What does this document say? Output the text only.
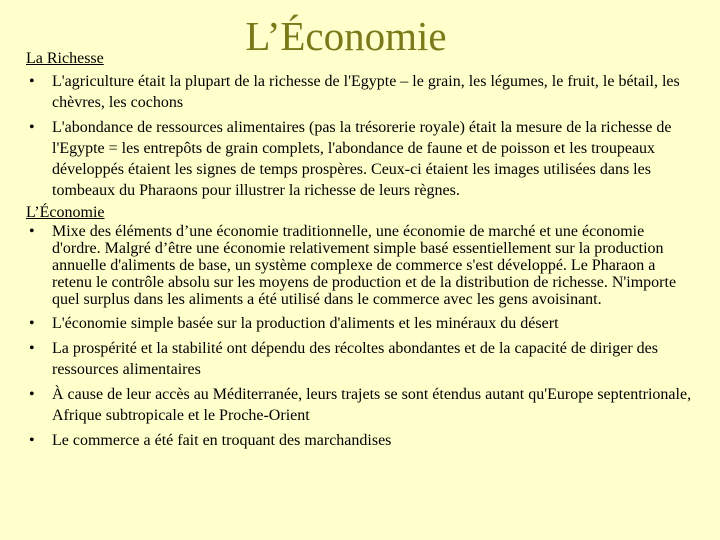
L’Économie

La Richesse

• L'agriculture était la plupart de la richesse de l'Egypte – le grain, les légumes, le fruit, le bétail, les chèvres, les cochons
• L'abondance de ressources alimentaires (pas la trésorerie royale) était la mesure de la richesse de l'Egypte = les entrepôts de grain complets, l'abondance de faune et de poisson et les troupeaux développés étaient les signes de temps prospères. Ceux-ci étaient les images utilisées dans les tombeaux du Pharaons pour illustrer la richesse de leurs règnes.

L’Économie

• Mixe des éléments d’une économie traditionnelle, une économie de marché et une économie d'ordre. Malgré d’être une économie relativement simple basé essentiellement sur la production annuelle d'aliments de base, un système complexe de commerce s'est développé. Le Pharaon a retenu le contrôle absolu sur les moyens de production et de la distribution de richesse. N'importe quel surplus dans les aliments a été utilisé dans le commerce avec les gens avoisinant.
• L'économie simple basée sur la production d'aliments et les minéraux du désert
• La prospérité et la stabilité ont dépendu des récoltes abondantes et de la capacité de diriger des ressources alimentaires
• À cause de leur accès au Méditerranée, leurs trajets se sont étendus autant qu'Europe septentrionale, Afrique subtropicale et le Proche-Orient
• Le commerce a été fait en troquant des marchandises
